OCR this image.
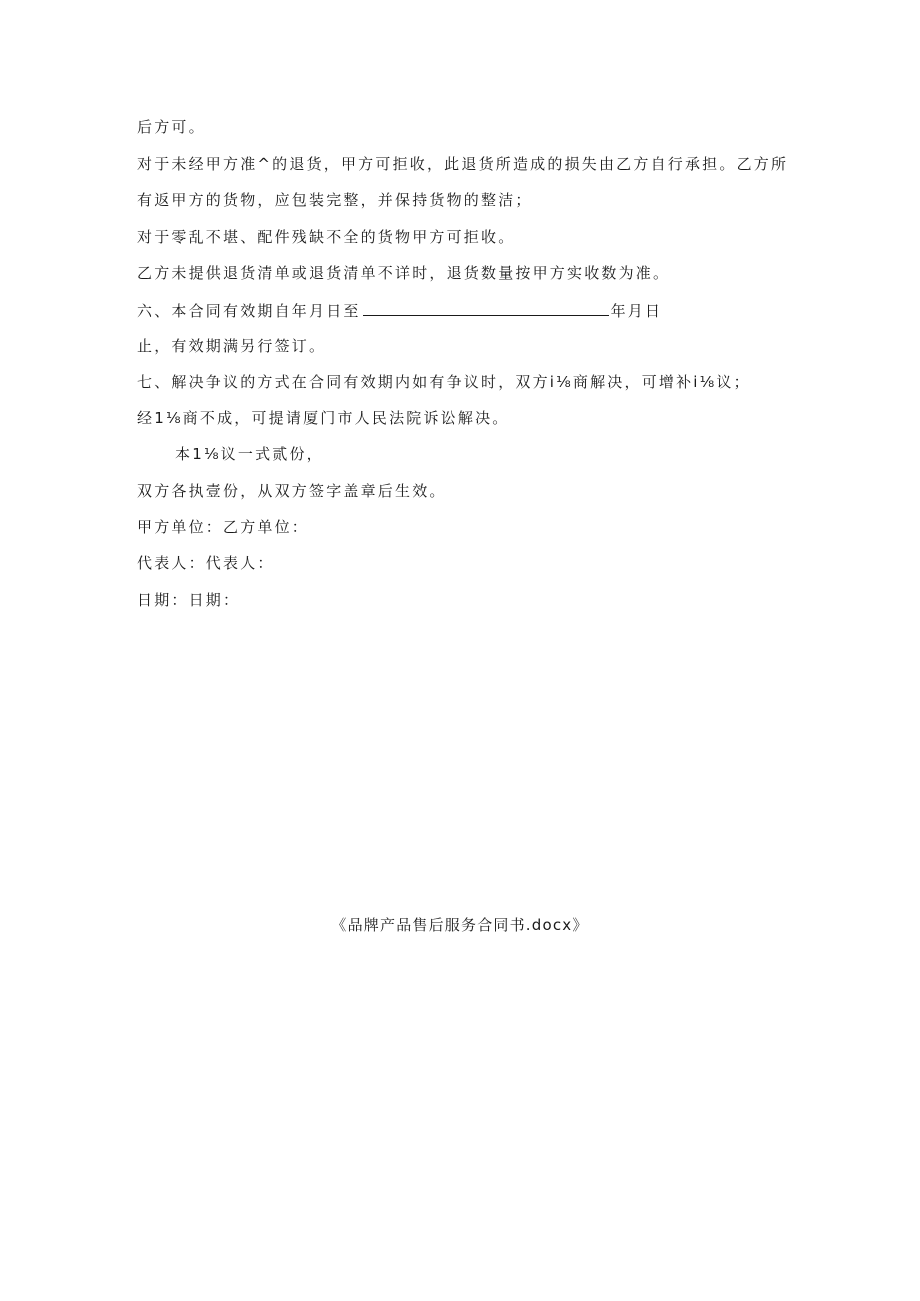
后方可。
对于未经甲方准^的退货，甲方可拒收，此退货所造成的损失由乙方自行承担。乙方所
有返甲方的货物，应包装完整，并保持货物的整洁；
对于零乱不堪、配件残缺不全的货物甲方可拒收。
乙方未提供退货清单或退货清单不详时，退货数量按甲方实收数为准。
六、本合同有效期自年月日至	年月日
止，有效期满另行签订。
七、解决争议的方式在合同有效期内如有争议时，双方i⅛商解决，可增补i⅛议；
经1⅛商不成，可提请厦门市人民法院诉讼解决。
本1⅛议一式贰份，
双方各执壹份，从双方签字盖章后生效。
甲方单位：乙方单位：
代表人：代表人：
日期：日期：
《品牌产品售后服务合同书.docx》
